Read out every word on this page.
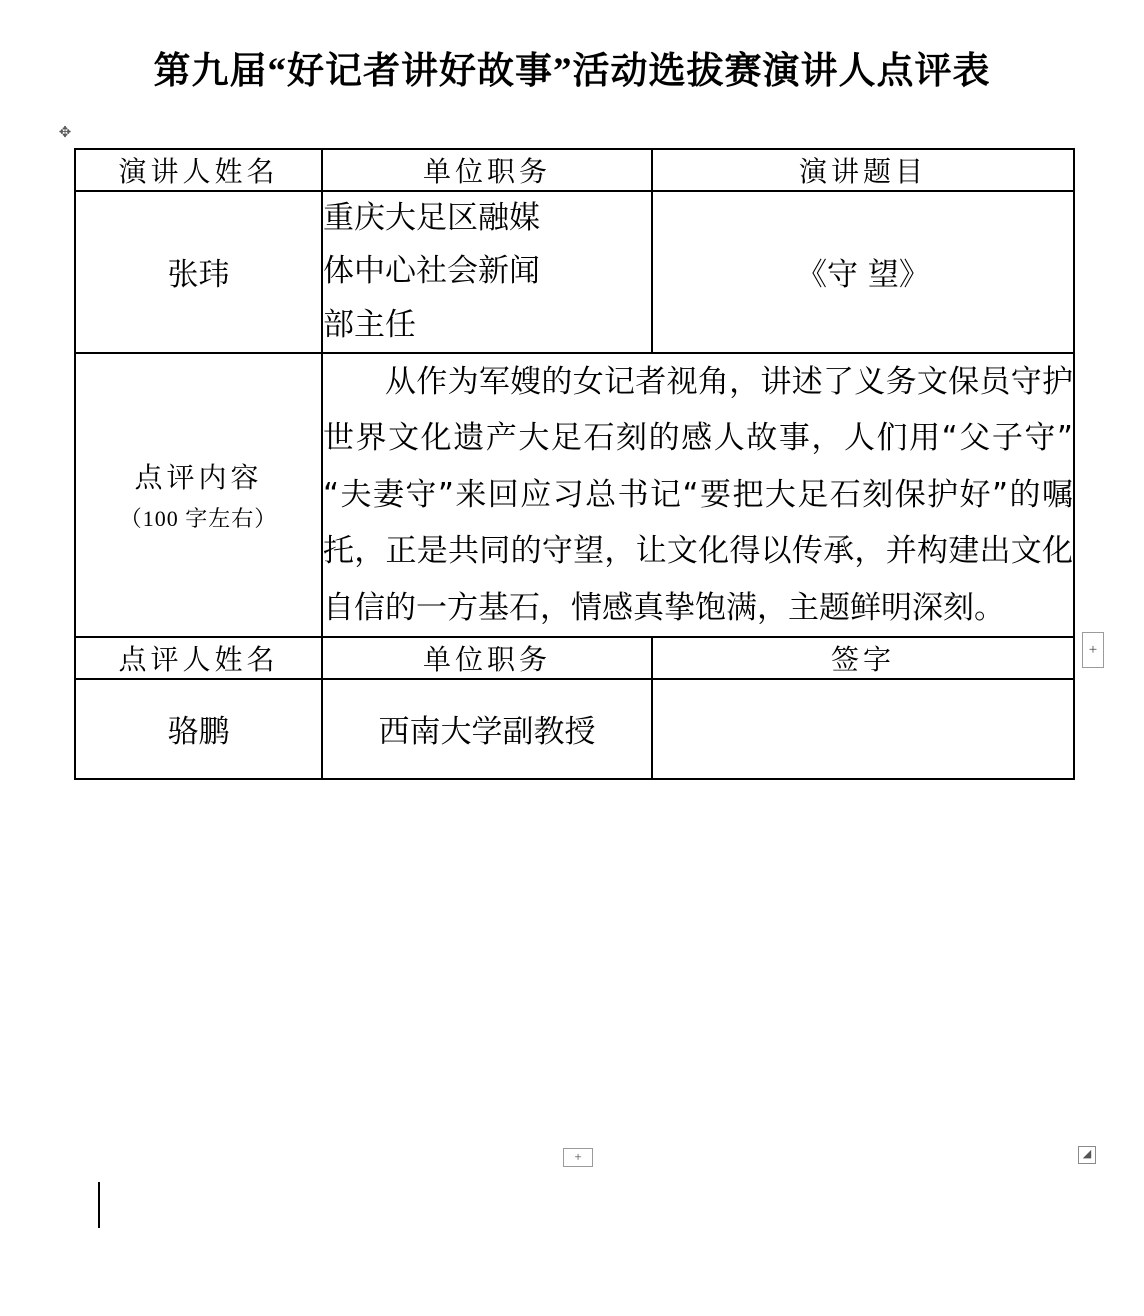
第九届“好记者讲好故事”活动选拔赛演讲人点评表
✥
演讲人姓名	单位职务	演讲题目
张玮	重庆大足区融媒
体中心社会新闻
部主任	《守 望》

点评内容
（100 字左右）	从作为军嫂的女记者视角，讲述了义务文保员守护世界文化遗产大足石刻的感人故事，人们用“父子守”“夫妻守”来回应习总书记“要把大足石刻保护好”的嘱托，正是共同的守望，让文化得以传承，并构建出文化自信的一方基石，情感真挚饱满，主题鲜明深刻。	

点评人姓名	单位职务	签字
骆鹏	西南大学副教授	
+
+	◢
